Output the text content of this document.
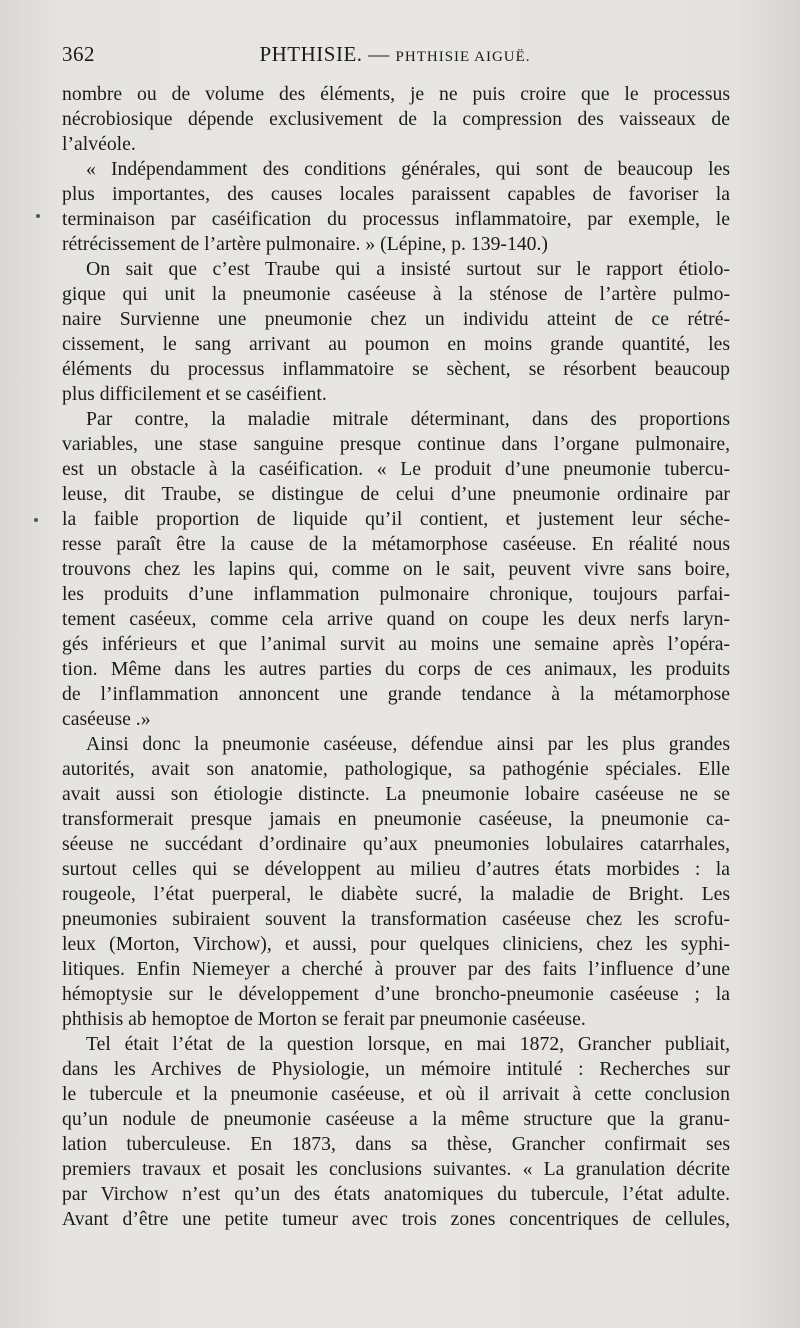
362	PHTHISIE. — PHTHISIE AIGUË.
nombre ou de volume des éléments, je ne puis croire que le processus
nécrobiosique dépende exclusivement de la compression des vaisseaux de
l’alvéole.
« Indépendamment des conditions générales, qui sont de beaucoup les
plus importantes, des causes locales paraissent capables de favoriser la
terminaison par caséification du processus inflammatoire, par exemple, le
rétrécissement de l’artère pulmonaire. » (Lépine, p. 139-140.)
On sait que c’est Traube qui a insisté surtout sur le rapport étiolo-
gique qui unit la pneumonie caséeuse à la sténose de l’artère pulmo-
naire Survienne une pneumonie chez un individu atteint de ce rétré-
cissement, le sang arrivant au poumon en moins grande quantité, les
éléments du processus inflammatoire se sèchent, se résorbent beaucoup
plus difficilement et se caséifient.
Par contre, la maladie mitrale déterminant, dans des proportions
variables, une stase sanguine presque continue dans l’organe pulmonaire,
est un obstacle à la caséification. « Le produit d’une pneumonie tubercu-
leuse, dit Traube, se distingue de celui d’une pneumonie ordinaire par
la faible proportion de liquide qu’il contient, et justement leur séche-
resse paraît être la cause de la métamorphose caséeuse. En réalité nous
trouvons chez les lapins qui, comme on le sait, peuvent vivre sans boire,
les produits d’une inflammation pulmonaire chronique, toujours parfai-
tement caséeux, comme cela arrive quand on coupe les deux nerfs laryn-
gés inférieurs et que l’animal survit au moins une semaine après l’opéra-
tion. Même dans les autres parties du corps de ces animaux, les produits
de l’inflammation annoncent une grande tendance à la métamorphose
caséeuse .»
Ainsi donc la pneumonie caséeuse, défendue ainsi par les plus grandes
autorités, avait son anatomie, pathologique, sa pathogénie spéciales. Elle
avait aussi son étiologie distincte. La pneumonie lobaire caséeuse ne se
transformerait presque jamais en pneumonie caséeuse, la pneumonie ca-
séeuse ne succédant d’ordinaire qu’aux pneumonies lobulaires catarrhales,
surtout celles qui se développent au milieu d’autres états morbides : la
rougeole, l’état puerperal, le diabète sucré, la maladie de Bright. Les
pneumonies subiraient souvent la transformation caséeuse chez les scrofu-
leux (Morton, Virchow), et aussi, pour quelques cliniciens, chez les syphi-
litiques. Enfin Niemeyer a cherché à prouver par des faits l’influence d’une
hémoptysie sur le développement d’une broncho-pneumonie caséeuse ; la
phthisis ab hemoptoe de Morton se ferait par pneumonie caséeuse.
Tel était l’état de la question lorsque, en mai 1872, Grancher publiait,
dans les Archives de Physiologie, un mémoire intitulé : Recherches sur
le tubercule et la pneumonie caséeuse, et où il arrivait à cette conclusion
qu’un nodule de pneumonie caséeuse a la même structure que la granu-
lation tuberculeuse. En 1873, dans sa thèse, Grancher confirmait ses
premiers travaux et posait les conclusions suivantes. « La granulation décrite
par Virchow n’est qu’un des états anatomiques du tubercule, l’état adulte.
Avant d’être une petite tumeur avec trois zones concentriques de cellules,
